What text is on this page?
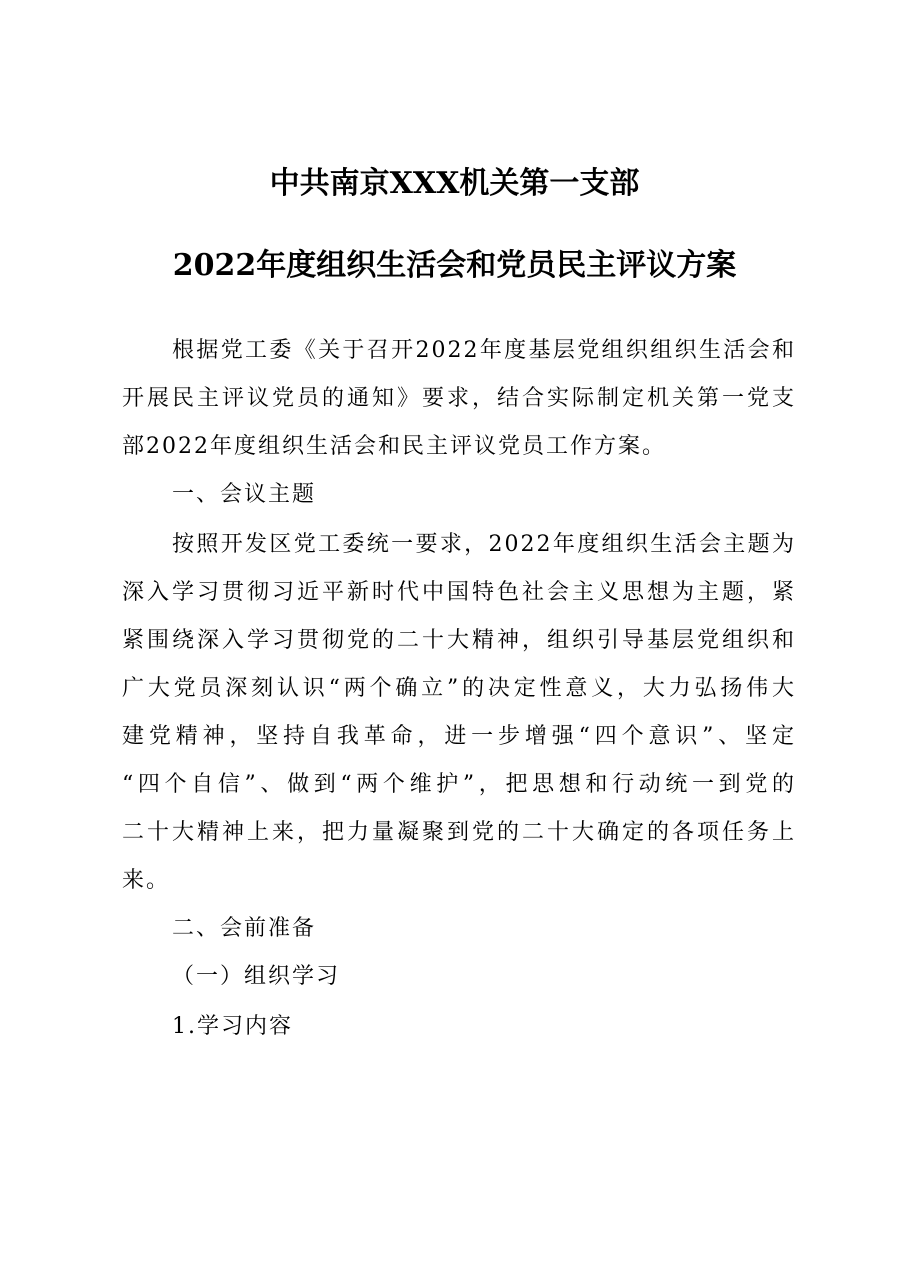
中共南京XXX机关第一支部
2022年度组织生活会和党员民主评议方案
根据党工委《关于召开2022年度基层党组织组织生活会和
开展民主评议党员的通知》要求，结合实际制定机关第一党支
部2022年度组织生活会和民主评议党员工作方案。
一、会议主题
按照开发区党工委统一要求，2022年度组织生活会主题为
深入学习贯彻习近平新时代中国特色社会主义思想为主题，紧
紧围绕深入学习贯彻党的二十大精神，组织引导基层党组织和
广大党员深刻认识“两个确立”的决定性意义，大力弘扬伟大
建党精神，坚持自我革命，进一步增强“四个意识”、坚定
“四个自信”、做到“两个维护”，把思想和行动统一到党的
二十大精神上来，把力量凝聚到党的二十大确定的各项任务上
来。
二、会前准备
（一）组织学习
1.学习内容
